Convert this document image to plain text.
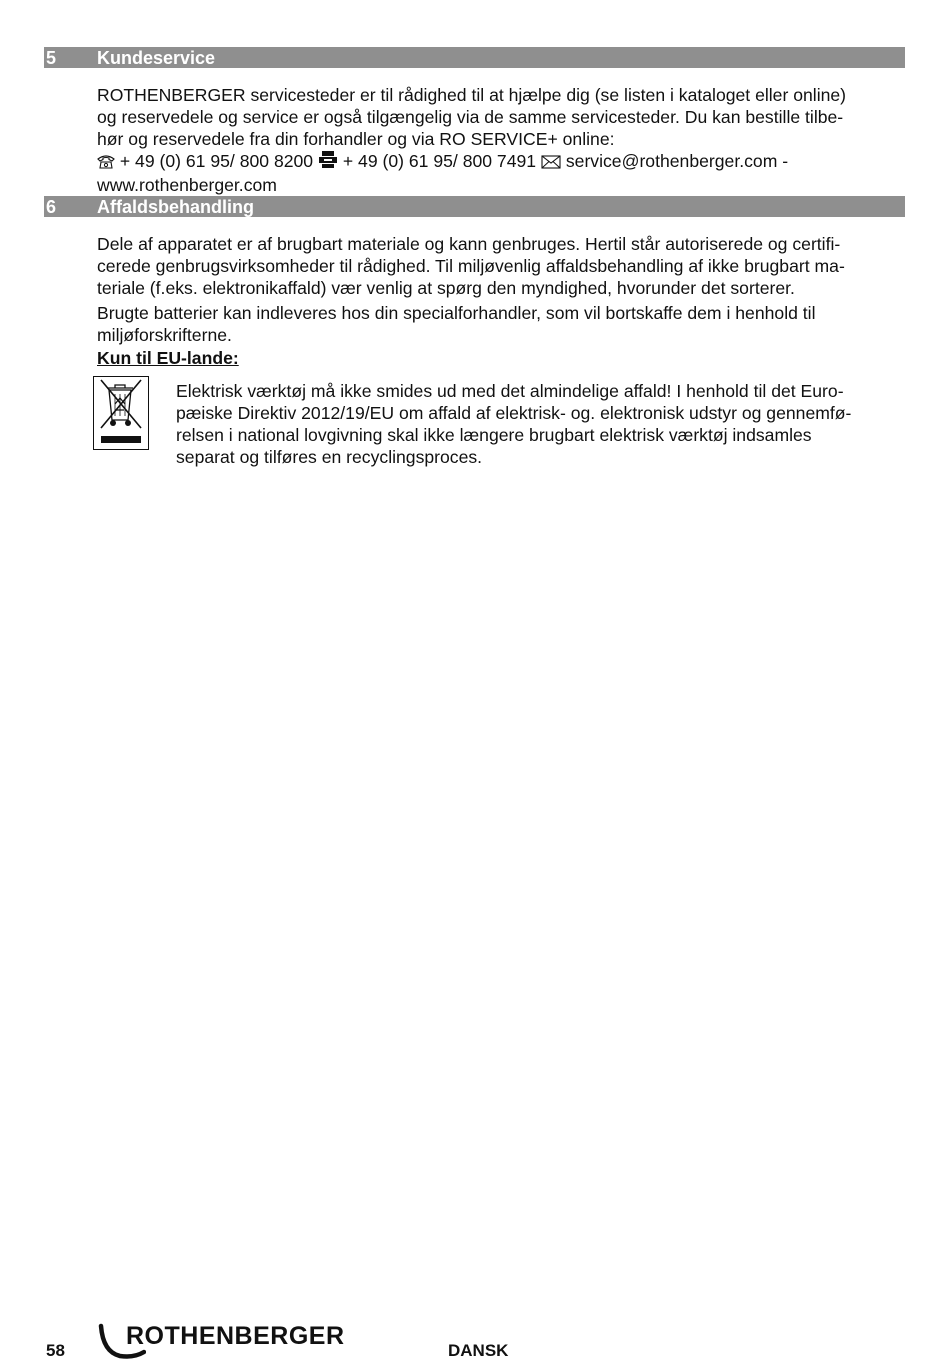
5 Kundeservice

ROTHENBERGER servicesteder er til rådighed til at hjælpe dig (se listen i kataloget eller online)
og reservedele og service er også tilgængelig via de samme servicesteder. Du kan bestille tilbe-
hør og reservedele fra din forhandler og via RO SERVICE+ online:

+ 49 (0) 61 95/ 800 8200 + 49 (0) 61 95/ 800 7491 service@rothenberger.com -
www.rothenberger.com
6 Affaldsbehandling

Dele af apparatet er af brugbart materiale og kann genbruges. Hertil står autoriserede og certifi-
cerede genbrugsvirksomheder til rådighed. Til miljøvenlig affaldsbehandling af ikke brugbart ma-
teriale (f.eks. elektronikaffald) vær venlig at spørg den myndighed, hvorunder det sorterer.

Brugte batterier kan indleveres hos din specialforhandler, som vil bortskaffe dem i henhold til
miljøforskrifterne.

Kun til EU-lande:

Elektrisk værktøj må ikke smides ud med det almindelige affald! I henhold til det Euro-
pæiske Direktiv 2012/19/EU om affald af elektrisk- og. elektronisk udstyr og gennemfø-
relsen i national lovgivning skal ikke længere brugbart elektrisk værktøj indsamles
separat og tilføres en recyclingsproces.

58
ROTHENBERGER
DANSK
